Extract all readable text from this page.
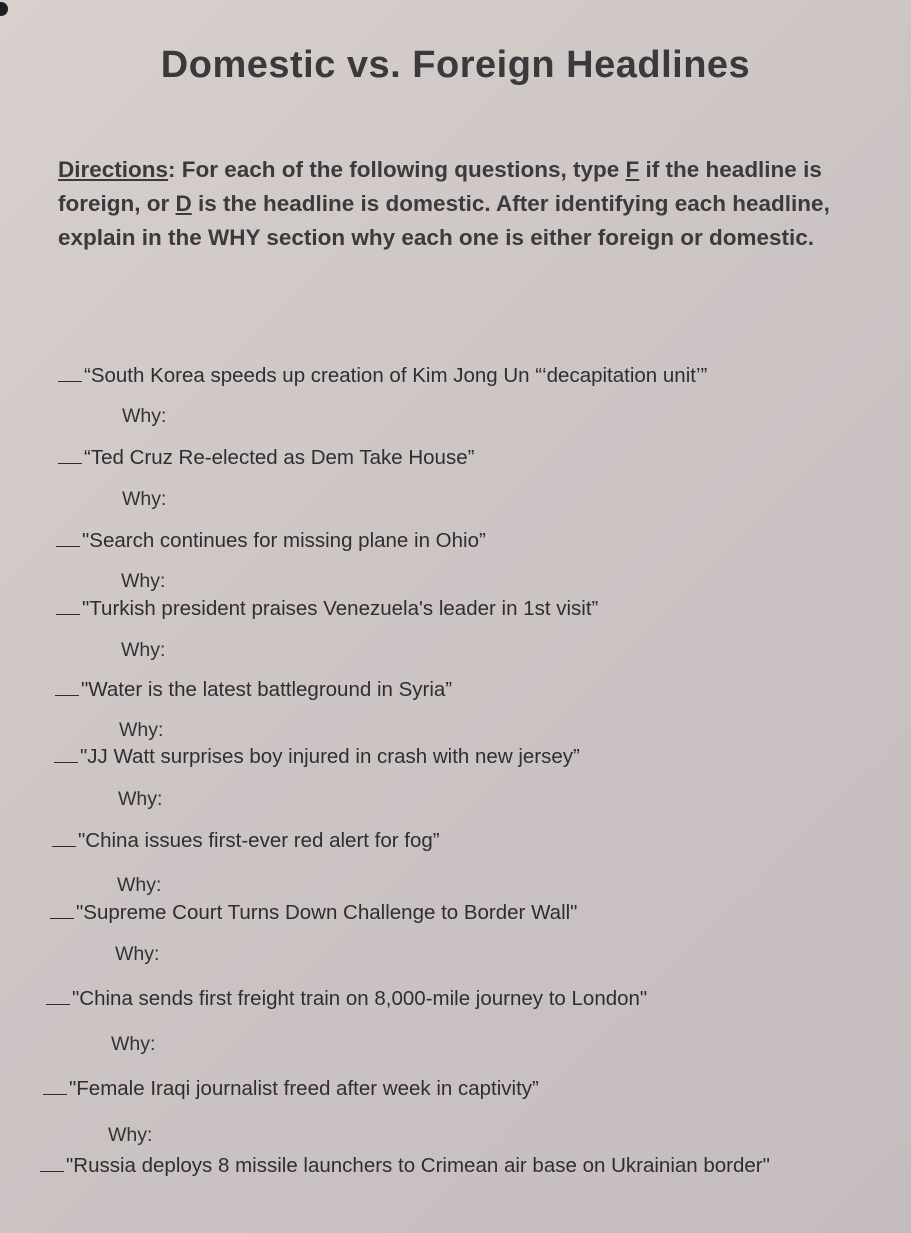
Domestic vs. Foreign Headlines

Directions: For each of the following questions, type F if the headline is foreign, or D is the headline is domestic. After identifying each headline, explain in the WHY section why each one is either foreign or domestic.

“South Korea speeds up creation of Kim Jong Un “‘decapitation unit’”
Why:
“Ted Cruz Re-elected as Dem Take House”
Why:
"Search continues for missing plane in Ohio”
Why:
"Turkish president praises Venezuela's leader in 1st visit”
Why:
"Water is the latest battleground in Syria”
Why:
"JJ Watt surprises boy injured in crash with new jersey”
Why:
"China issues first-ever red alert for fog”
Why:
"Supreme Court Turns Down Challenge to Border Wall"
Why:
"China sends first freight train on 8,000-mile journey to London"
Why:
"Female Iraqi journalist freed after week in captivity”
Why:
"Russia deploys 8 missile launchers to Crimean air base on Ukrainian border"
